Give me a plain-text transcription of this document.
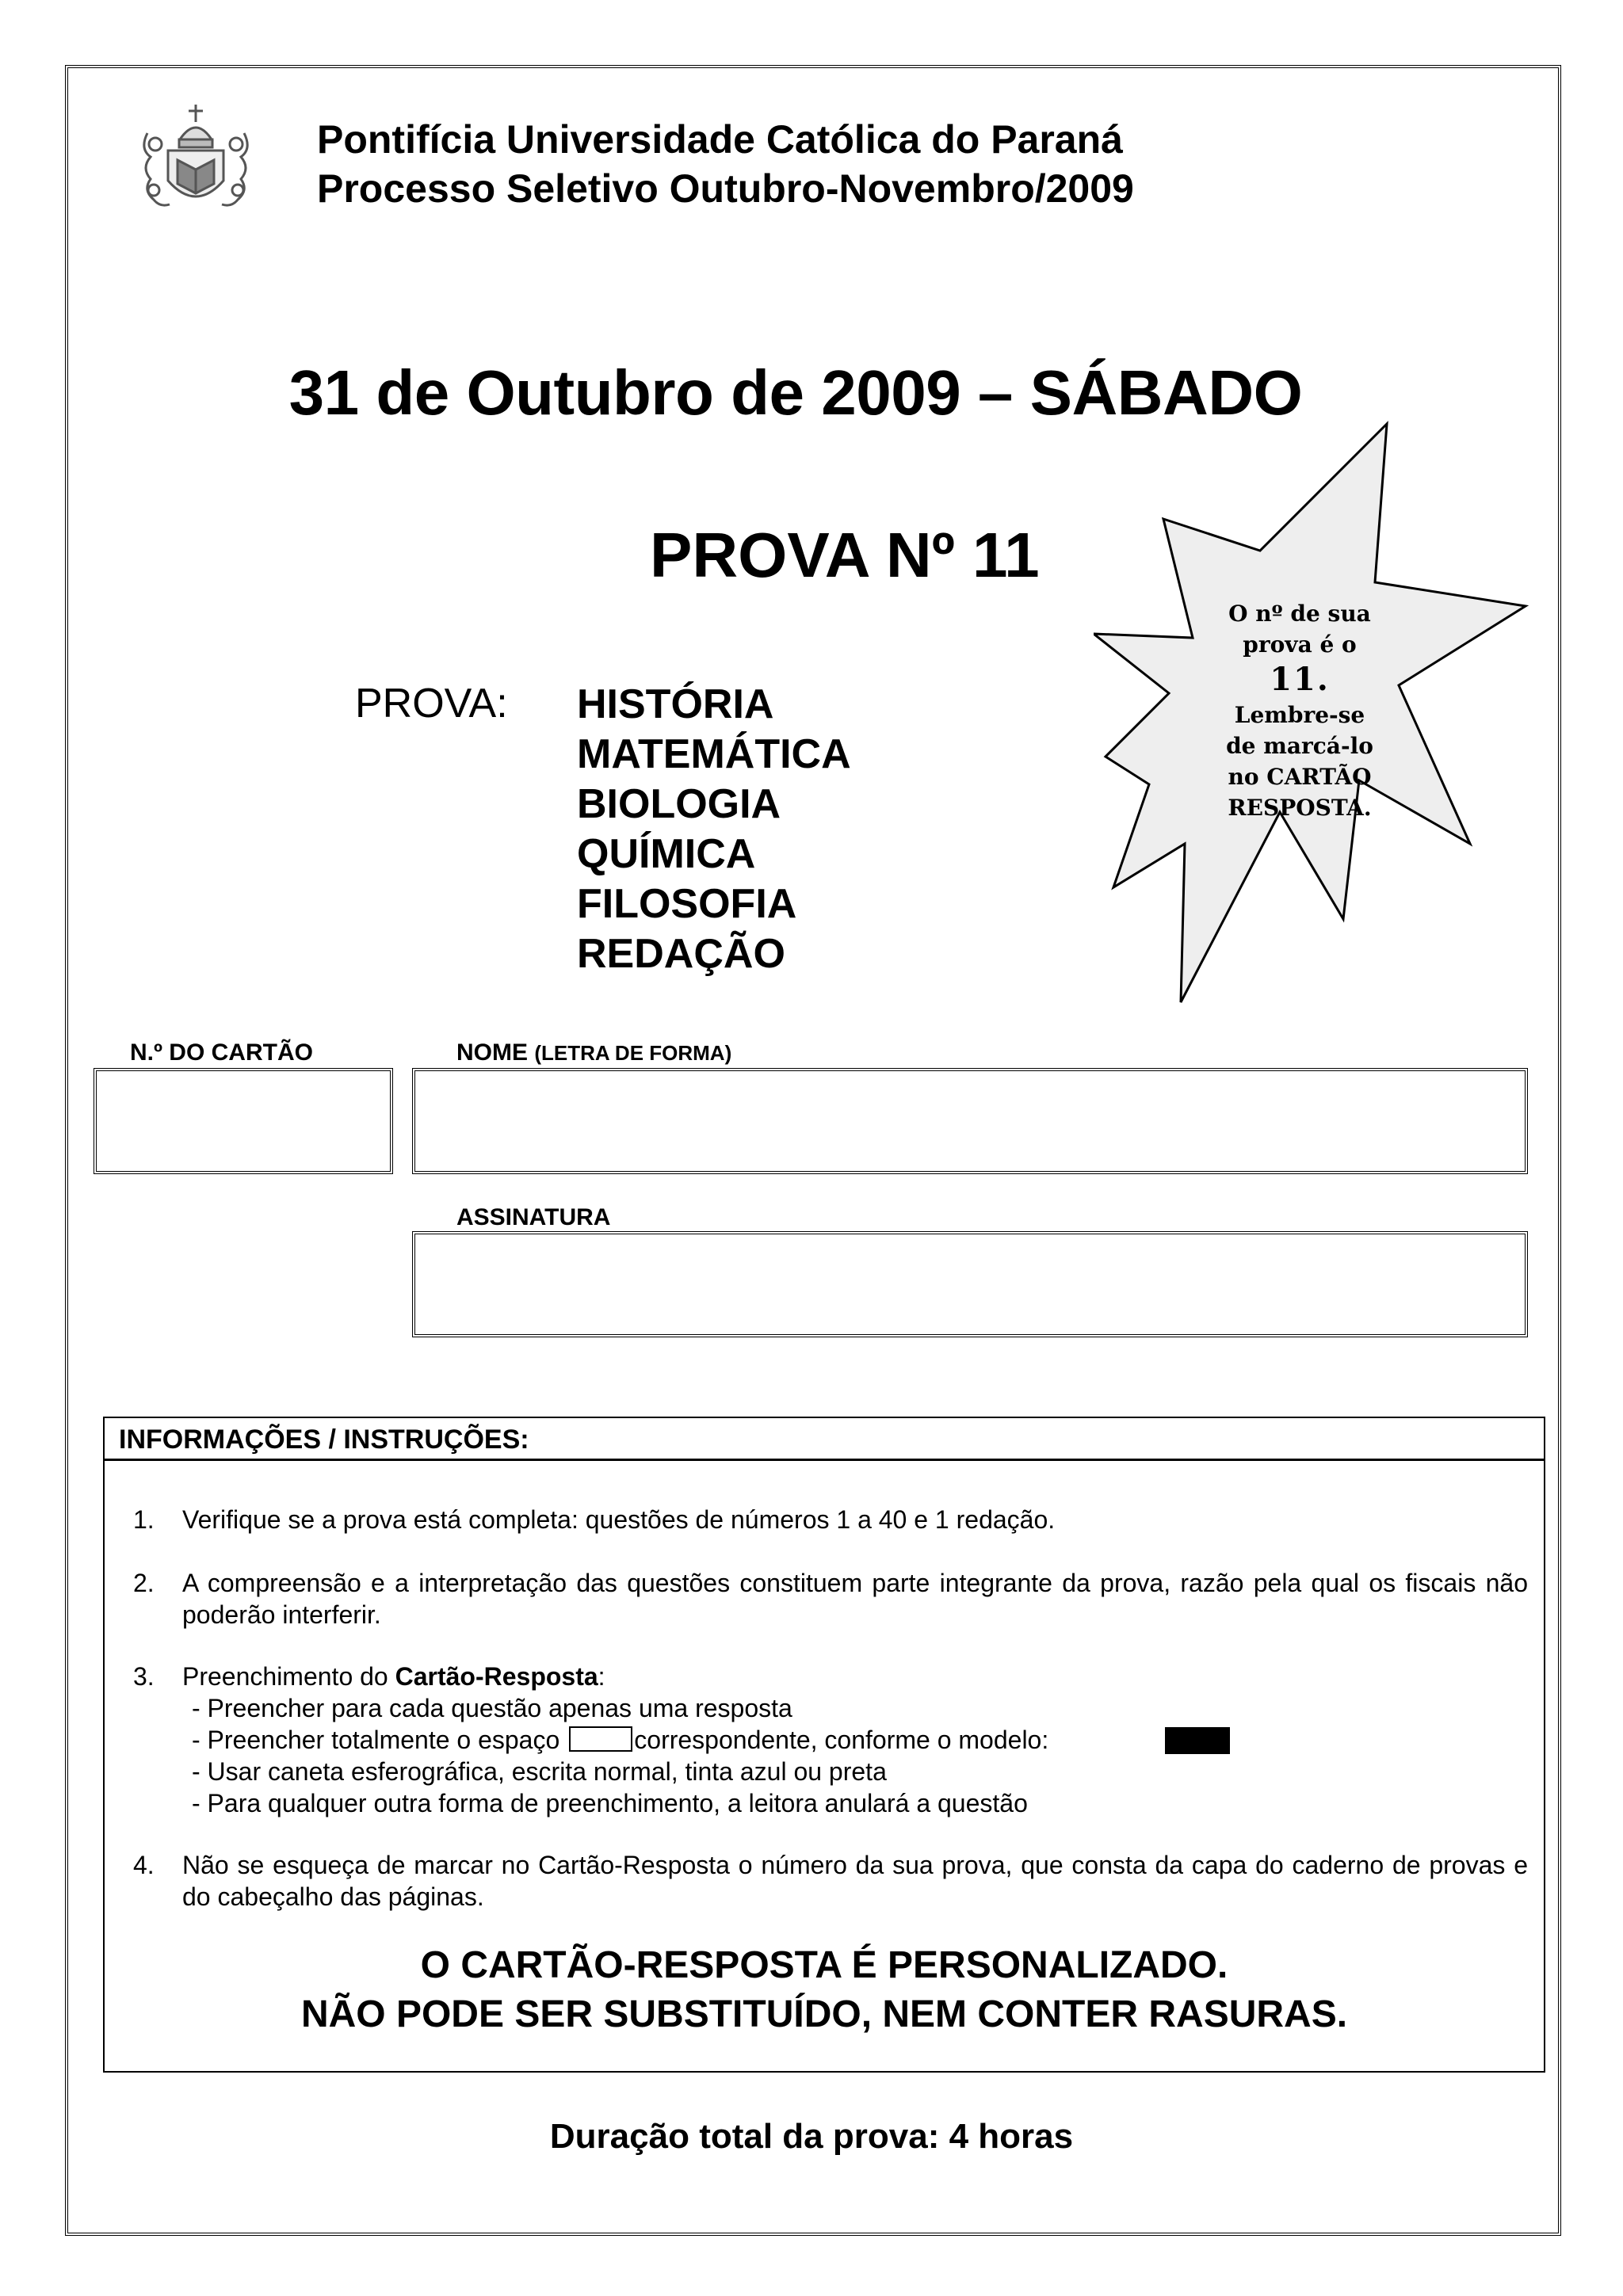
Pontifícia Universidade Católica do Paraná
Processo Seletivo Outubro-Novembro/2009
31 de Outubro de 2009 – SÁBADO
PROVA Nº 11
PROVA: HISTÓRIA
MATEMÁTICA
BIOLOGIA
QUÍMICA
FILOSOFIA
REDAÇÃO
O nº de sua
prova é o
11.
Lembre-se
de marcá-lo
no CARTÃO
RESPOSTA.
N.º DO CARTÃO	NOME (LETRA DE FORMA)
ASSINATURA
INFORMAÇÕES / INSTRUÇÕES:
1. Verifique se a prova está completa: questões de números 1 a 40 e 1 redação.
2. A compreensão e a interpretação das questões constituem parte integrante da prova, razão pela qual os fiscais não poderão interferir.
3. Preenchimento do Cartão-Resposta:
- Preencher para cada questão apenas uma resposta
- Preencher totalmente o espaço	correspondente, conforme o modelo:
- Usar caneta esferográfica, escrita normal, tinta azul ou preta
- Para qualquer outra forma de preenchimento, a leitora anulará a questão
4. Não se esqueça de marcar no Cartão-Resposta o número da sua prova, que consta da capa do caderno de provas e do cabeçalho das páginas.
O CARTÃO-RESPOSTA É PERSONALIZADO.
NÃO PODE SER SUBSTITUÍDO, NEM CONTER RASURAS.
Duração total da prova: 4 horas
